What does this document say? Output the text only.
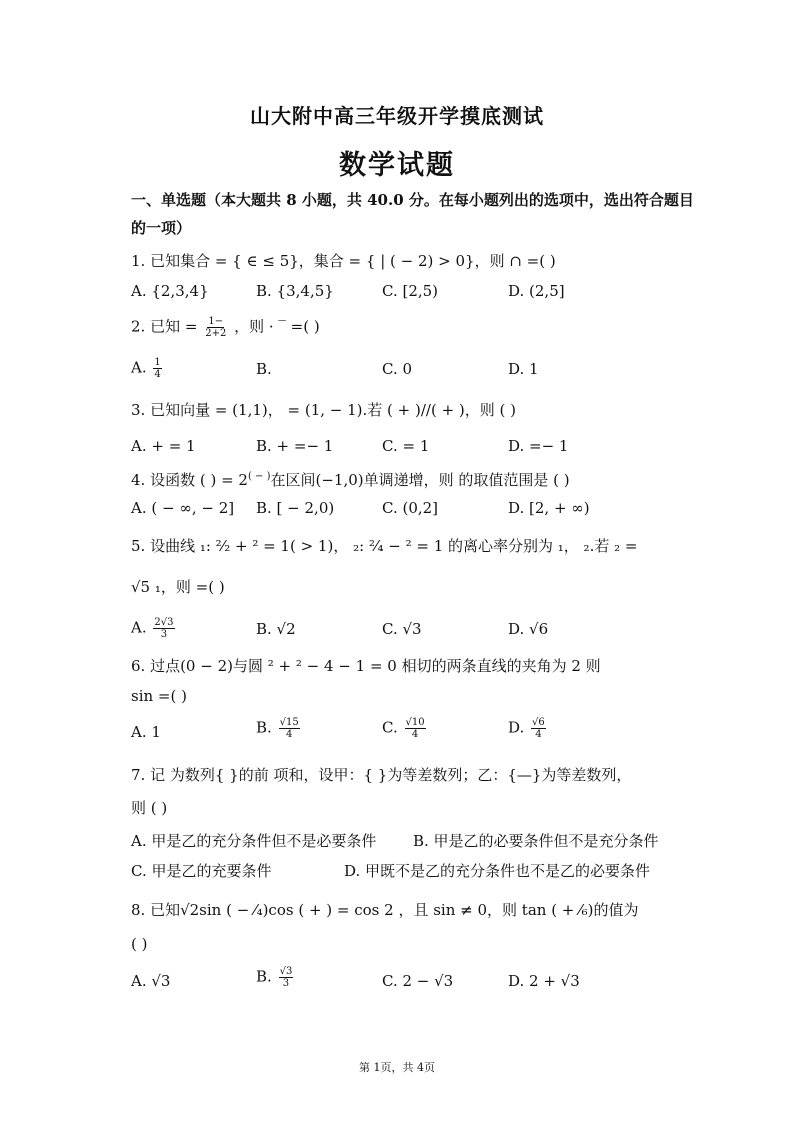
山大附中高三年级开学摸底测试
数学试题
一、单选题（本大题共 8 小题，共 40.0 分。在每小题列出的选项中，选出符合题目的一项）
1. 已知集合 = { ∈ ≤ 5}，集合 = { | ( − 2) > 0}，则 ∩ =( )
A. {2,3,4}	B. {3,4,5}	C. [2,5)	D. (2,5]
2. 已知 = $\frac{1-}{2+2}$ ，则 · ‾ =( )
A. $\frac{1}{4}$	B.	C. 0	D. 1
3. 已知向量 = (1,1)， = (1, − 1).若 ( + )//( + )，则 ( )
A. + = 1	B. + =− 1	C. = 1	D. =− 1
4. 设函数 ( ) = 2( − )在区间(−1,0)单调递增，则 的取值范围是 ( )
A. ( − ∞, − 2] B. [ − 2,0)	C. (0,2]	D. [2, + ∞)
5. 设曲线 ₁: ²⁄₂ + ² = 1( > 1)， ₂: ²⁄₄ − ² = 1 的离心率分别为 ₁， ₂.若 ₂ =
√5 ₁，则 =( )
A. $\frac{2√3}{3}$	B. √2	C. √3	D. √6
6. 过点(0 − 2)与圆 ² + ² − 4 − 1 = 0 相切的两条直线的夹角为 2 则
sin =( )
A. 1	B. $\frac{√15}{4}$	C. $\frac{√10}{4}$	D. $\frac{√6}{4}$
7. 记 为数列{ }的前 项和，设甲：{ }为等差数列；乙：{—}为等差数列，
则 ( )
A. 甲是乙的充分条件但不是必要条件 B. 甲是乙的必要条件但不是充分条件
C. 甲是乙的充要条件	D. 甲既不是乙的充分条件也不是乙的必要条件
8. 已知√2sin ( − ⁄₄)cos ( + ) = cos 2 ，且 sin ≠ 0，则 tan ( + ⁄₆)的值为
( )
A. √3	B. $\frac{√3}{3}$	C. 2 − √3	D. 2 + √3
第 1页，共 4页
